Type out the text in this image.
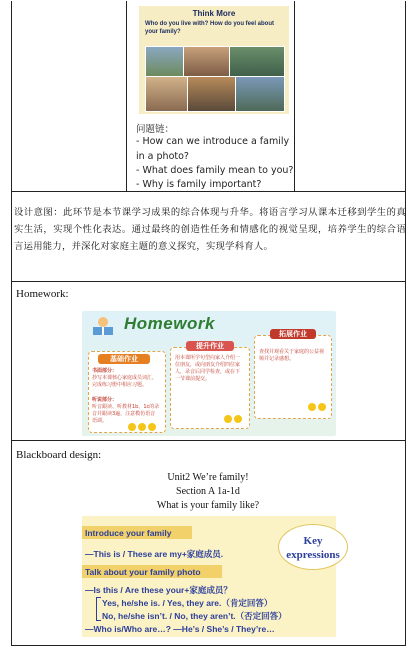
Think More
Who do you live with? How do you feel about your family?
问题链：
- How can we introduce a family
in a photo?
- What does family mean to you?
- Why is family important?
设计意图：此环节是本节课学习成果的综合体现与升华。将语言学习从课本迁移到学生的真实生活，实现个性化表达。通过最终的创造性任务和情感化的视觉呈现，培养学生的综合语言运用能力，并深化对家庭主题的意义探究，实现学科育人。
Homework:
Homework
基础作业
书面部分：
抄写本课核心家庭成员词汇，完成练习册中相应习题。
听说部分：
听音跟读、听教材1b、1c的录音并跟读3遍，注意模仿语音语调。
提升作业
用本课所学句型向家人介绍一位朋友，或向朋友介绍四位家人，录音后同学检查，或在下一节课前提交。
拓展作业
查找并观看关于家庭的公益视频并记录感想。
Blackboard design:
Unit2 We’re family!
Section A 1a-1d
What is your family like?
Introduce your family
—This is / These are my+家庭成员.
Talk about your family photo
—Is this / Are these your+家庭成员？
Yes, he/she is. / Yes, they are.（肯定回答）
No, he/she isn’t. / No, they aren’t.（否定回答）
—Who is/Who are…? —He’s / She’s / They’re…
Key expressions
